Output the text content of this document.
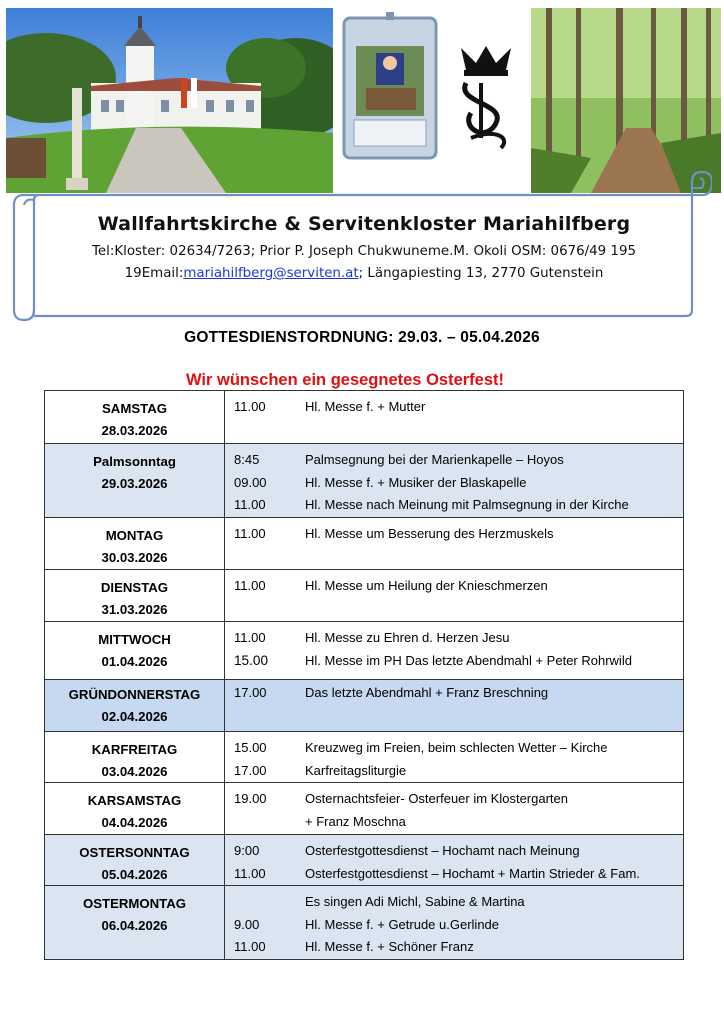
Wallfahrtskirche & Servitenkloster Mariahilfberg
Tel:Kloster: 02634/7263; Prior P. Joseph Chukwuneme.M. Okoli OSM: 0676/49 195
19Email:mariahilfberg@serviten.at; Längapiesting 13, 2770 Gutenstein
GOTTESDIENSTORDNUNG: 29.03. – 05.04.2026
Wir wünschen ein gesegnetes Osterfest!
SAMSTAG
28.03.2026
11.00	Hl. Messe f. + Mutter
Palmsonntag
29.03.2026
8:45	Palmsegnung bei der Marienkapelle – Hoyos
09.00	Hl. Messe f. + Musiker der Blaskapelle
11.00	Hl. Messe nach Meinung mit Palmsegnung in der Kirche
MONTAG
30.03.2026
11.00	Hl. Messe um Besserung des Herzmuskels
DIENSTAG
31.03.2026
11.00	Hl. Messe um Heilung der Knieschmerzen
MITTWOCH
01.04.2026
11.00	Hl. Messe zu Ehren d. Herzen Jesu
15.00	Hl. Messe im PH Das letzte Abendmahl + Peter Rohrwild
GRÜNDONNERSTAG
02.04.2026
17.00	Das letzte Abendmahl + Franz Breschning
KARFREITAG
03.04.2026
15.00	Kreuzweg im Freien, beim schlecten Wetter – Kirche
17.00	Karfreitagsliturgie
KARSAMSTAG
04.04.2026
19.00	Osternachtsfeier- Osterfeuer im Klostergarten
+ Franz Moschna
OSTERSONNTAG
05.04.2026
9:00	Osterfestgottesdienst – Hochamt nach Meinung
11.00	Osterfestgottesdienst – Hochamt + Martin Strieder & Fam.
OSTERMONTAG
06.04.2026
Es singen Adi Michl, Sabine & Martina
9.00	Hl. Messe f. + Getrude u.Gerlinde
11.00	Hl. Messe f. + Schöner Franz
